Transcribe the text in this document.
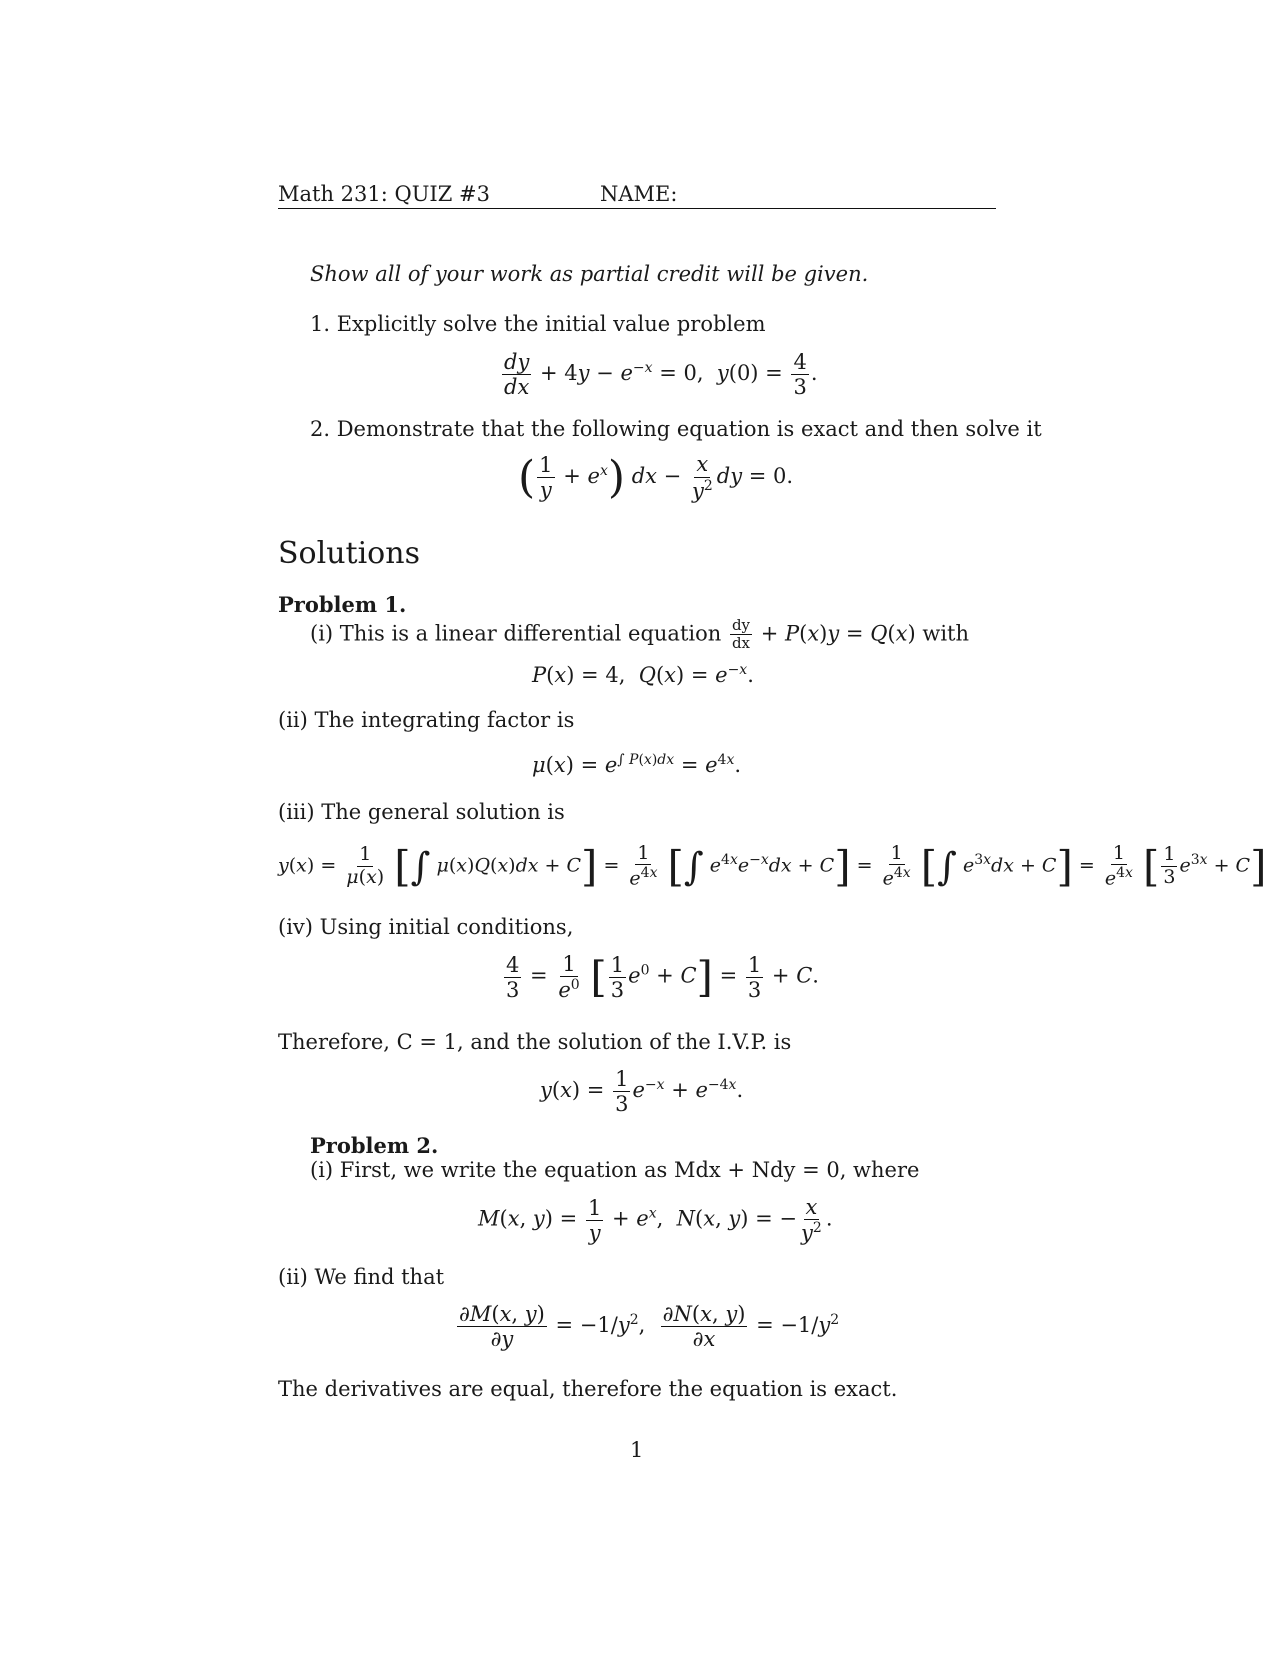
Math 231: QUIZ #3	NAME:
Show all of your work as partial credit will be given.
1. Explicitly solve the initial value problem
$\frac{dy}{dx} + 4y - e^{-x} = 0$,  $y(0) = \frac{4}{3}$ .
2. Demonstrate that the following equation is exact and then solve it
( $\frac{1}{y} + e^x$) dx − $\frac{x}{y^2}$ dy = 0.
Solutions
Problem 1.
(i) This is a linear differential equation $\frac{dy}{dx} + P(x)y = Q(x)$ with
P(x) = 4,  $Q(x) = e^{-x}$.
(ii) The integrating factor is
$\mu(x) = e^{\int P(x)dx} = e^{4x}$.
(iii) The general solution is
$y(x) = \frac{1}{\mu(x)}$ [∫ $\mu(x)Q(x)dx + C] = \frac{1}{e^{4x}}$ [∫ $e^{4x}e^{-x}dx + C] = \frac{1}{e^{4x}}$ [∫ $e^{3x}dx + C] = \frac{1}{e^{4x}}$ [ $\frac{1}{3} e^{3x} + C$]
(iv) Using initial conditions,
$\frac{4}{3} = \frac{1}{e^0}$ [ $\frac{1}{3} e^0 + C] = \frac{1}{3} + C$.
Therefore, C = 1, and the solution of the I.V.P. is
$y(x) = \frac{1}{3} e^{-x} + e^{-4x}$.
Problem 2.
(i) First, we write the equation as Mdx + Ndy = 0, where
M(x, $y) = \frac{1}{y} + e^x$,  N(x, y) = − $\frac{x}{y^2}$ .
(ii) We find that
$\frac{\partial M(x, y)}{\partial y} = -1/y^2$, $\frac{\partial N(x, y)}{\partial x} = -1/y^2$
The derivatives are equal, therefore the equation is exact.
1
